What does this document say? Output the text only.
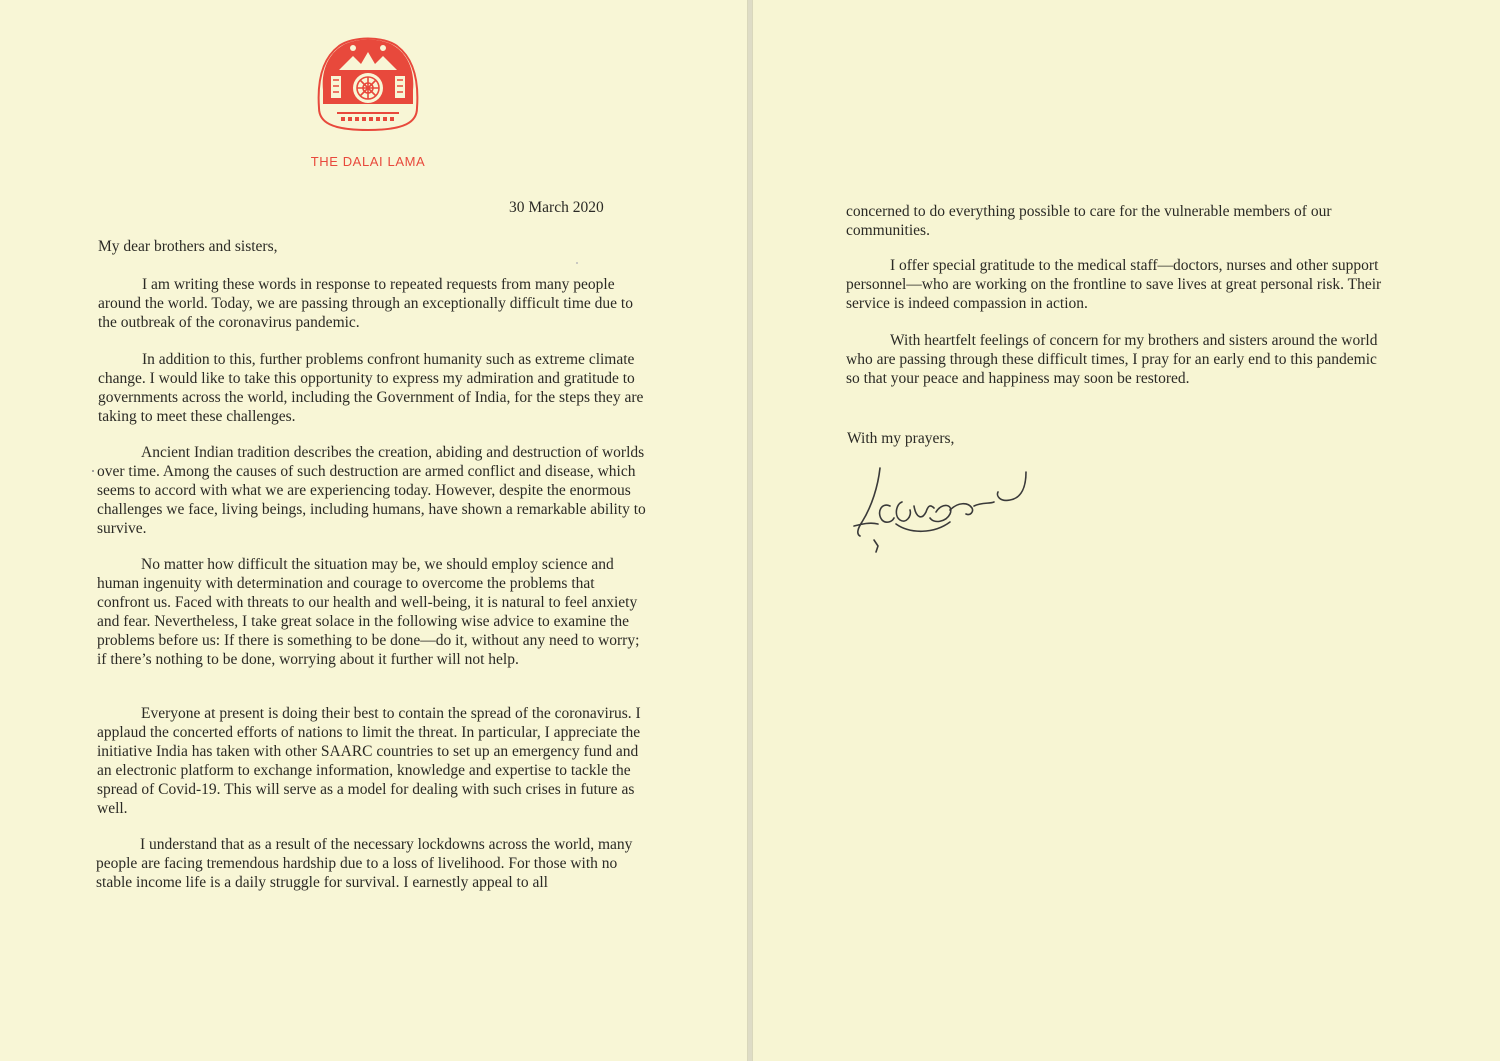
THE DALAI LAMA
30 March 2020
My dear brothers and sisters,

I am writing these words in response to repeated requests from many people around the world. Today, we are passing through an exceptionally difficult time due to the outbreak of the coronavirus pandemic.

In addition to this, further problems confront humanity such as extreme climate change. I would like to take this opportunity to express my admiration and gratitude to governments across the world, including the Government of India, for the steps they are taking to meet these challenges.

Ancient Indian tradition describes the creation, abiding and destruction of worlds over time. Among the causes of such destruction are armed conflict and disease, which seems to accord with what we are experiencing today. However, despite the enormous challenges we face, living beings, including humans, have shown a remarkable ability to survive.

No matter how difficult the situation may be, we should employ science and human ingenuity with determination and courage to overcome the problems that confront us. Faced with threats to our health and well-being, it is natural to feel anxiety and fear. Nevertheless, I take great solace in the following wise advice to examine the problems before us: If there is something to be done—do it, without any need to worry; if there’s nothing to be done, worrying about it further will not help.

Everyone at present is doing their best to contain the spread of the coronavirus. I applaud the concerted efforts of nations to limit the threat. In particular, I appreciate the initiative India has taken with other SAARC countries to set up an emergency fund and an electronic platform to exchange information, knowledge and expertise to tackle the spread of Covid-19. This will serve as a model for dealing with such crises in future as well.

I understand that as a result of the necessary lockdowns across the world, many people are facing tremendous hardship due to a loss of livelihood. For those with no stable income life is a daily struggle for survival. I earnestly appeal to all

concerned to do everything possible to care for the vulnerable members of our communities.

I offer special gratitude to the medical staff—doctors, nurses and other support personnel—who are working on the frontline to save lives at great personal risk. Their service is indeed compassion in action.

With heartfelt feelings of concern for my brothers and sisters around the world who are passing through these difficult times, I pray for an early end to this pandemic so that your peace and happiness may soon be restored.

With my prayers,
